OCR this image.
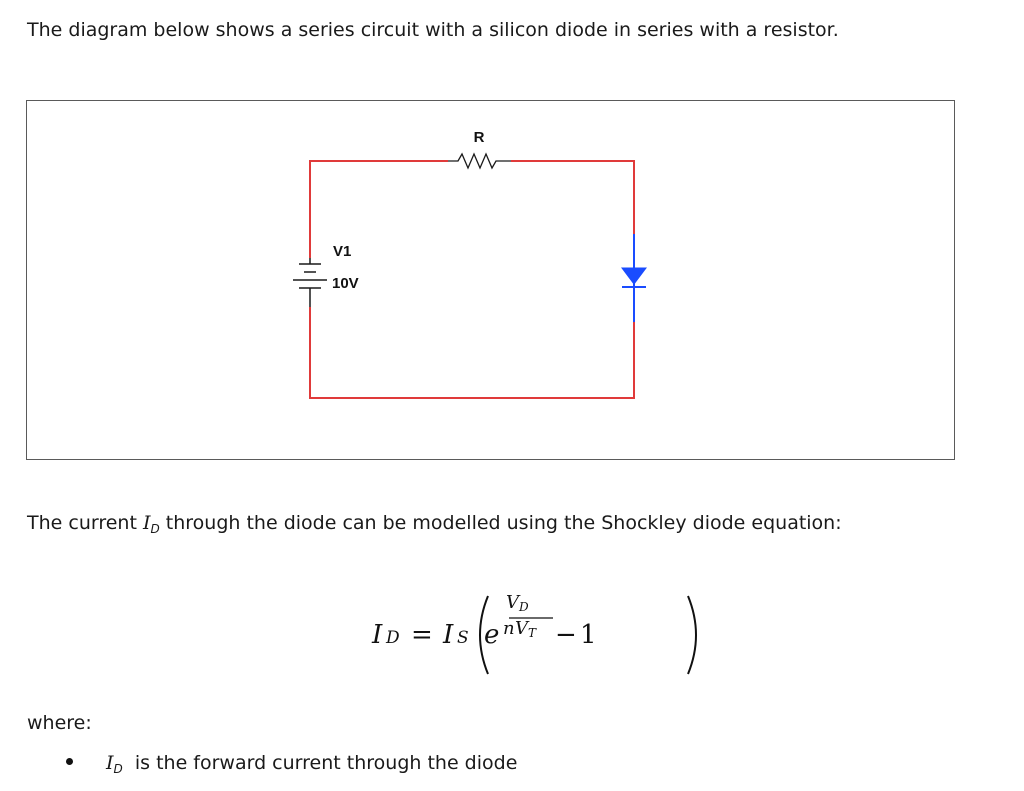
The diagram below shows a series circuit with a silicon diode in series with a resistor.

R
V1
10V

The current $I_D$ through the diode can be modelled using the Shockley diode equation:

I D = I S e
V D
n V T − 1

where:

$I_D$ is the forward current through the diode
